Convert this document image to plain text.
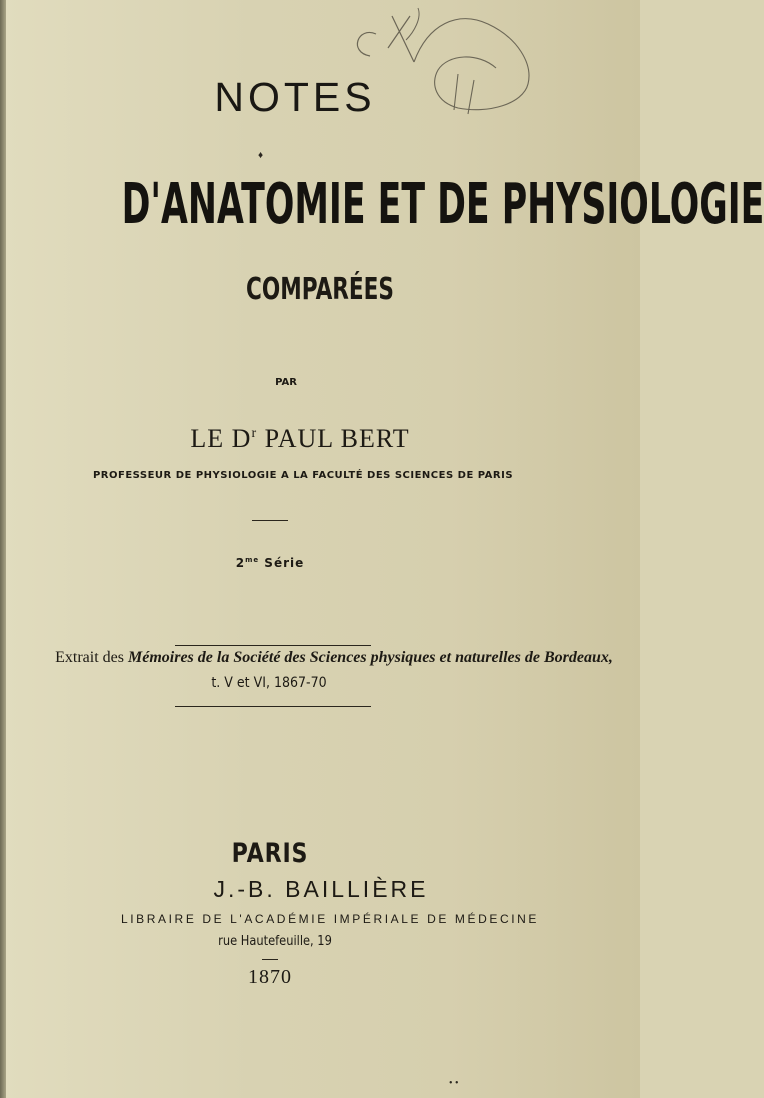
NOTES
D'ANATOMIE ET DE PHYSIOLOGIE
COMPARÉES
PAR
LE $D^r$ PAUL BERT
PROFESSEUR DE PHYSIOLOGIE A LA FACULTÉ DES SCIENCES DE PARIS
$2^{me}$ Série
Extrait des Mémoires de la Société des Sciences physiques et naturelles de Bordeaux,
t. V et VI, 1867-70
PARIS
J.-B. BAILLIÈRE
LIBRAIRE DE L'ACADÉMIE IMPÉRIALE DE MÉDECINE
rue Hautefeuille, 19
1870
♦
• •
